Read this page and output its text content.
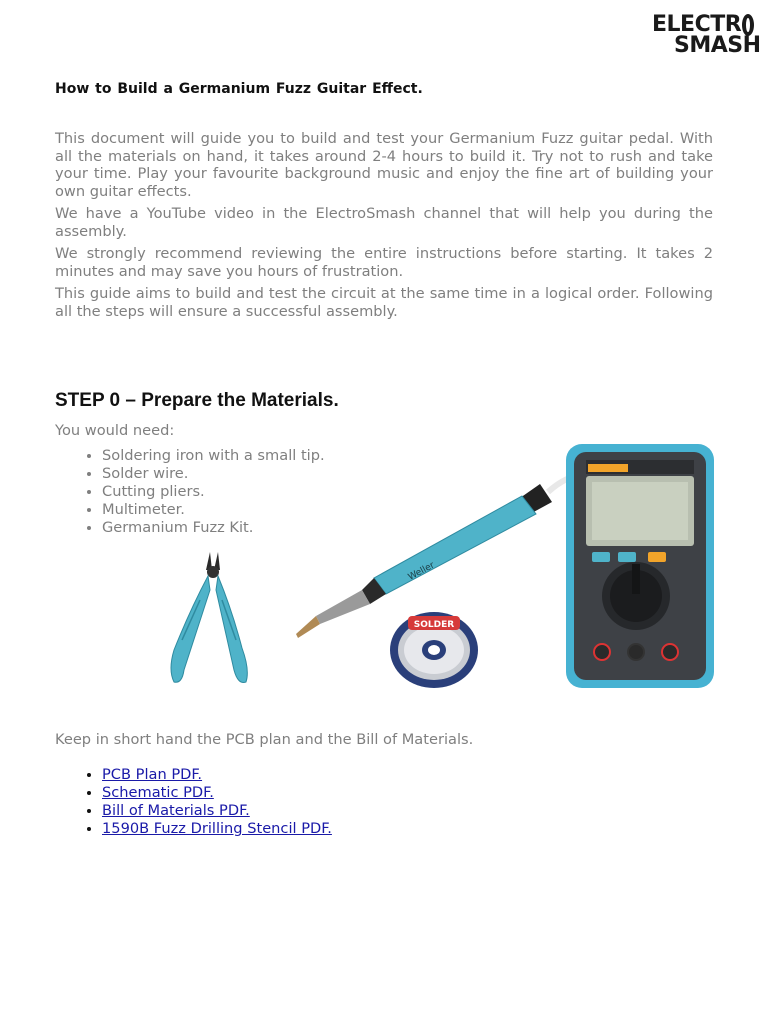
ELECTR
SMASH
How to Build a Germanium Fuzz Guitar Effect.

This document will guide you to build and test your Germanium Fuzz guitar pedal. With all the materials on hand, it takes around 2-4 hours to build it. Try not to rush and take your time. Play your favourite background music and enjoy the fine art of building your own guitar effects.

We have a YouTube video in the ElectroSmash channel that will help you during the assembly.

We strongly recommend reviewing the entire instructions before starting. It takes 2 minutes and may save you hours of frustration.

This guide aims to build and test the circuit at the same time in a logical order. Following all the steps will ensure a successful assembly.

STEP 0 – Prepare the Materials.

You would need:

• Soldering iron with a small tip.
• Solder wire.
• Cutting pliers.
• Multimeter.
• Germanium Fuzz Kit.
Weller
SOLDER

Keep in short hand the PCB plan and the Bill of Materials.

• PCB Plan PDF.
• Schematic PDF.
• Bill of Materials PDF.
• 1590B Fuzz Drilling Stencil PDF.
